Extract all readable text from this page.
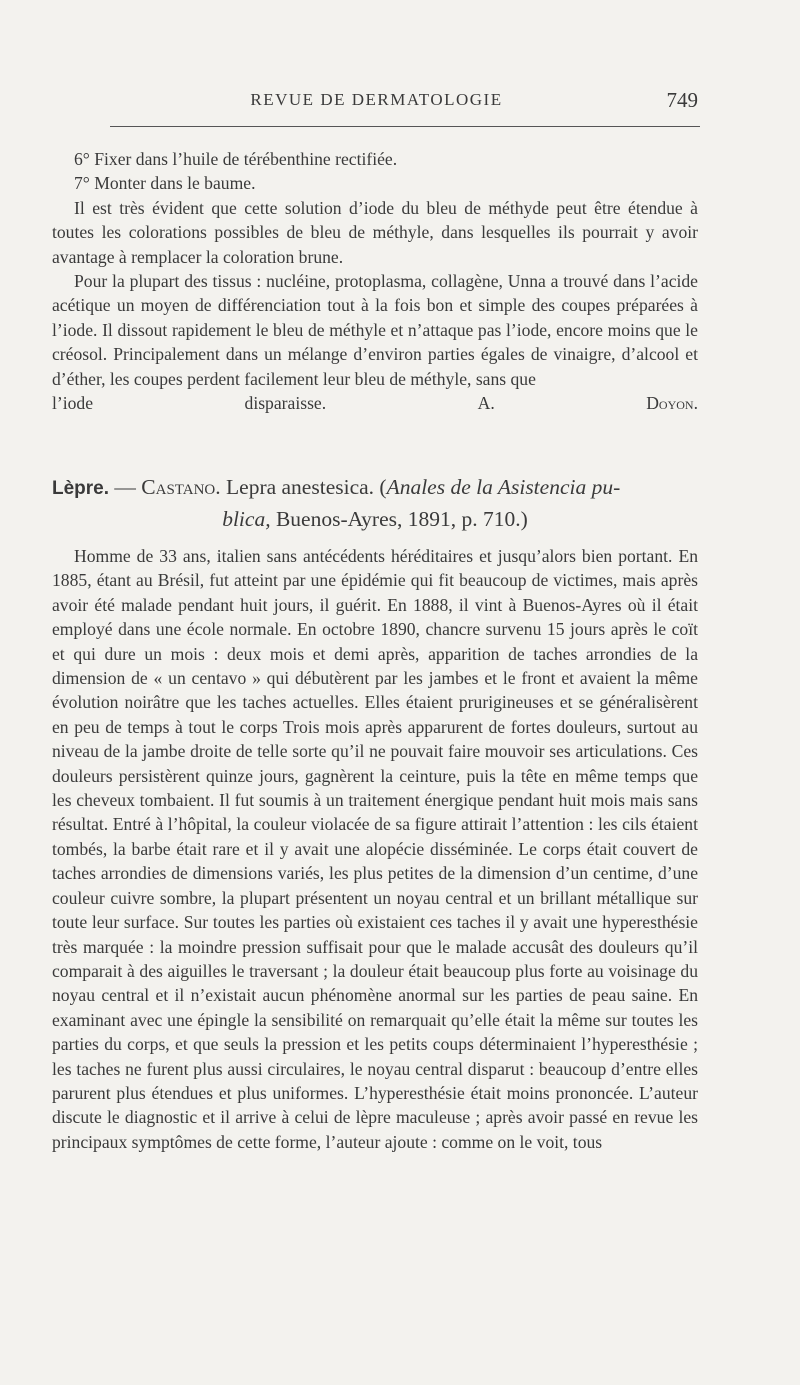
REVUE DE DERMATOLOGIE	749

6° Fixer dans l’huile de térébenthine rectifiée.

7° Monter dans le baume.

Il est très évident que cette solution d’iode du bleu de méthyde peut être étendue à toutes les colorations possibles de bleu de méthyle, dans lesquelles ils pourrait y avoir avantage à remplacer la coloration brune.

Pour la plupart des tissus : nucléine, protoplasma, collagène, Unna a trouvé dans l’acide acétique un moyen de différenciation tout à la fois bon et simple des coupes préparées à l’iode. Il dissout rapidement le bleu de méthyle et n’attaque pas l’iode, encore moins que le créosol. Principalement dans un mélange d’environ parties égales de vinaigre, d’alcool et d’éther, les coupes perdent facilement leur bleu de méthyle, sans que

l’iode disparaisse.	A. Doyon.

Lèpre. — Castano. Lepra anestesica. (Anales de la Asistencia pu-
blica, Buenos-Ayres, 1891, p. 710.)

Homme de 33 ans, italien sans antécédents héréditaires et jusqu’alors bien portant. En 1885, étant au Brésil, fut atteint par une épidémie qui fit beaucoup de victimes, mais après avoir été malade pendant huit jours, il guérit. En 1888, il vint à Buenos-Ayres où il était employé dans une école normale. En octobre 1890, chancre survenu 15 jours après le coït et qui dure un mois : deux mois et demi après, apparition de taches arrondies de la dimension de « un centavo » qui débutèrent par les jambes et le front et avaient la même évolution noirâtre que les taches actuelles. Elles étaient prurigineuses et se généralisèrent en peu de temps à tout le corps Trois mois après apparurent de fortes douleurs, surtout au niveau de la jambe droite de telle sorte qu’il ne pouvait faire mouvoir ses articulations. Ces douleurs persistèrent quinze jours, gagnèrent la ceinture, puis la tête en même temps que les cheveux tombaient. Il fut soumis à un traitement énergique pendant huit mois mais sans résultat. Entré à l’hôpital, la couleur violacée de sa figure attirait l’attention : les cils étaient tombés, la barbe était rare et il y avait une alopécie disséminée. Le corps était couvert de taches arrondies de dimensions variés, les plus petites de la dimension d’un centime, d’une couleur cuivre sombre, la plupart présentent un noyau central et un brillant métallique sur toute leur surface. Sur toutes les parties où existaient ces taches il y avait une hyperesthésie très marquée : la moindre pression suffisait pour que le malade accusât des douleurs qu’il comparait à des aiguilles le traversant ; la douleur était beaucoup plus forte au voisinage du noyau central et il n’existait aucun phénomène anormal sur les parties de peau saine. En examinant avec une épingle la sensibilité on remarquait qu’elle était la même sur toutes les parties du corps, et que seuls la pression et les petits coups déterminaient l’hyperesthésie ; les taches ne furent plus aussi circulaires, le noyau central disparut : beaucoup d’entre elles parurent plus étendues et plus uniformes. L’hyperesthésie était moins prononcée. L’auteur discute le diagnostic et il arrive à celui de lèpre maculeuse ; après avoir passé en revue les principaux symptômes de cette forme, l’auteur ajoute : comme on le voit, tous
